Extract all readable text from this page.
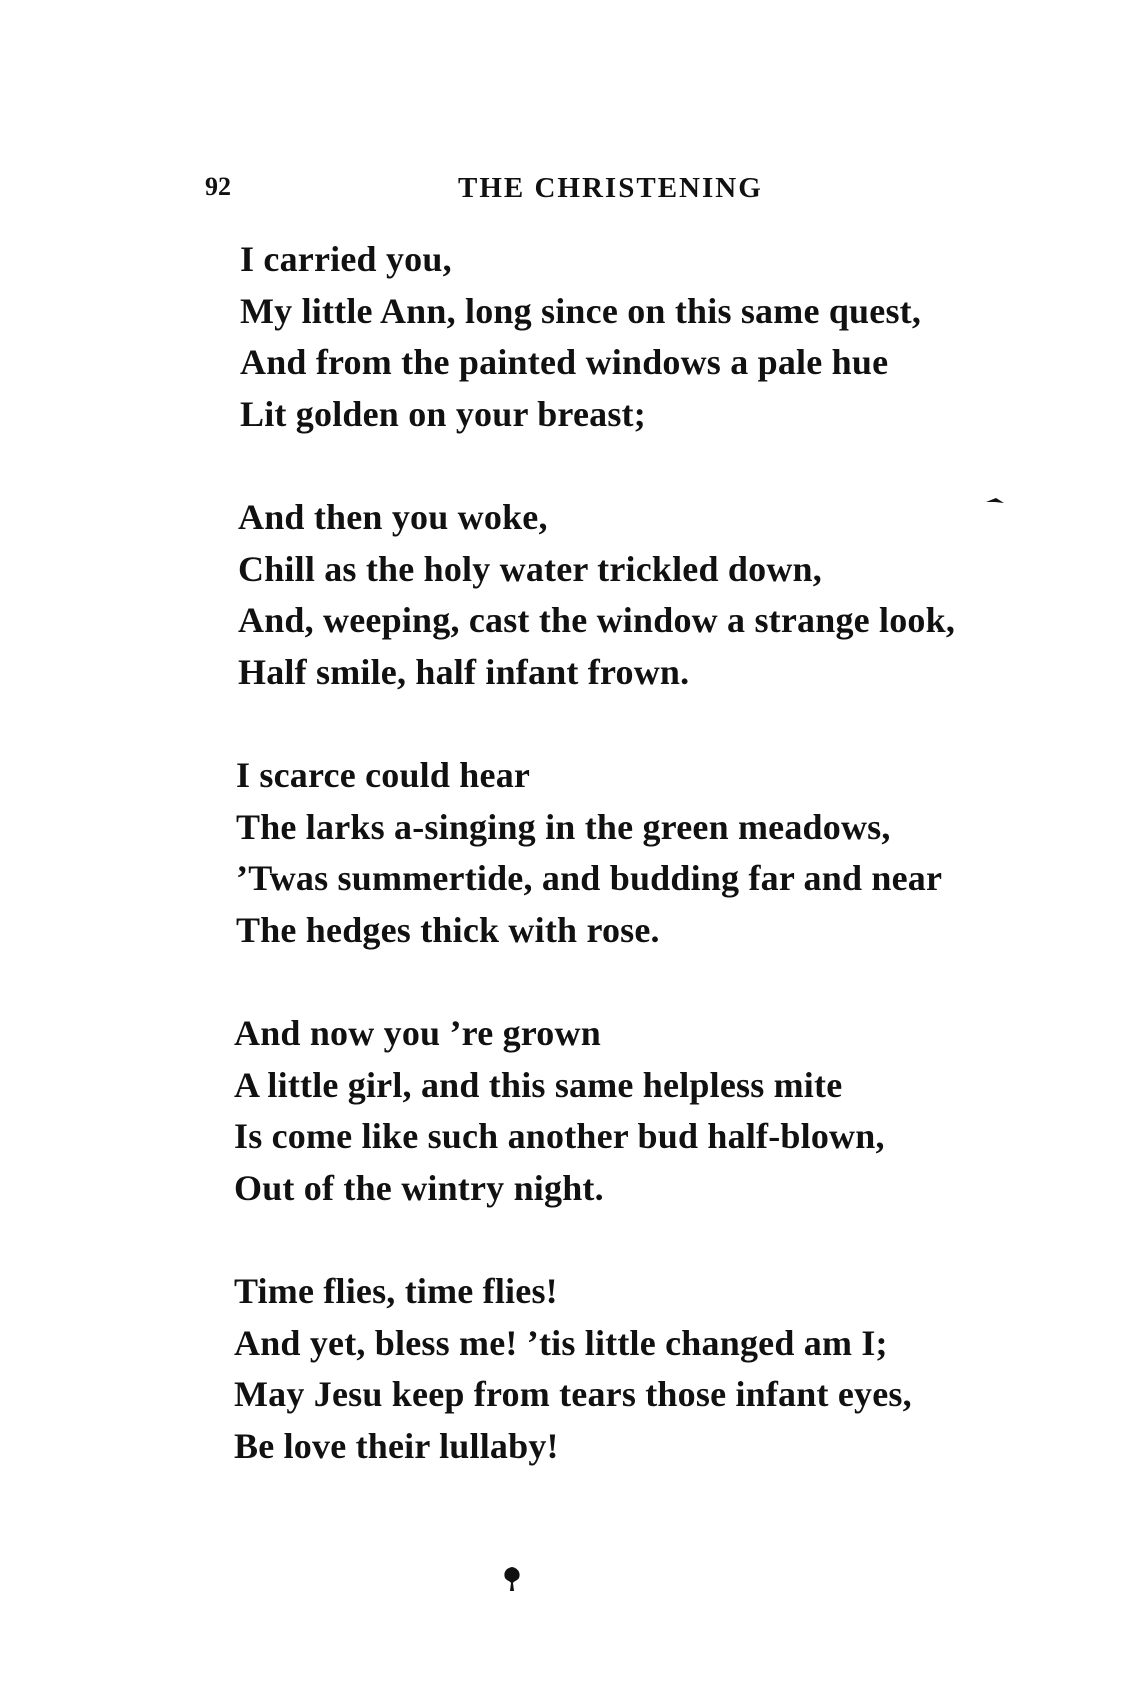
92	THE CHRISTENING
I carried you,
My little Ann, long since on this same quest,
And from the painted windows a pale hue
Lit golden on your breast;
And then you woke,
Chill as the holy water trickled down,
And, weeping, cast the window a strange look,
Half smile, half infant frown.
I scarce could hear
The larks a-singing in the green meadows,
’Twas summertide, and budding far and near
The hedges thick with rose.
And now you ’re grown
A little girl, and this same helpless mite
Is come like such another bud half-blown,
Out of the wintry night.
Time flies, time flies!
And yet, bless me! ’tis little changed am I;
May Jesu keep from tears those infant eyes,
Be love their lullaby!
